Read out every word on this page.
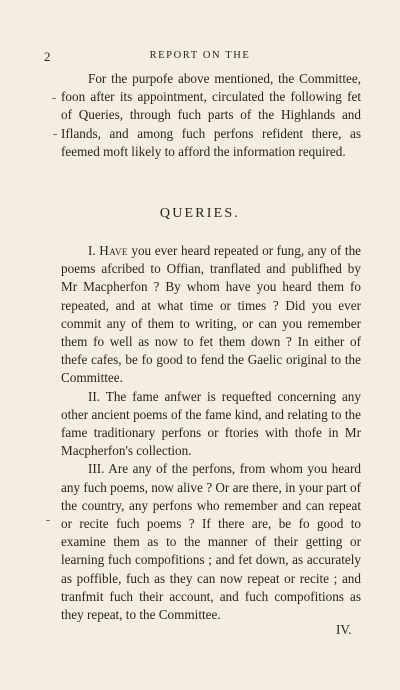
2	REPORT ON THE

For the purpofe above mentioned, the Committee, foon after its appointment, circulated the following fet of Queries, through fuch parts of the Highlands and Iflands, and among fuch perfons refident there, as feemed moft likely to afford the information required.

QUERIES.

I. Have you ever heard repeated or fung, any of the poems afcribed to Offian, tranflated and publifhed by Mr Macpherfon ? By whom have you heard them fo repeated, and at what time or times ? Did you ever commit any of them to writing, or can you remember them fo well as now to fet them down ? In either of thefe cafes, be fo good to fend the Gaelic original to the Committee.

II. The fame anfwer is requefted concerning any other ancient poems of the fame kind, and relating to the fame traditionary perfons or ftories with thofe in Mr Macpherfon's collection.

III. Are any of the perfons, from whom you heard any fuch poems, now alive ? Or are there, in your part of the country, any perfons who remember and can repeat or recite fuch poems ? If there are, be fo good to examine them as to the manner of their getting or learning fuch compofitions ; and fet down, as accurately as poffible, fuch as they can now repeat or recite ; and tranfmit fuch their account, and fuch compofitions as they repeat, to the Committee.

IV.
